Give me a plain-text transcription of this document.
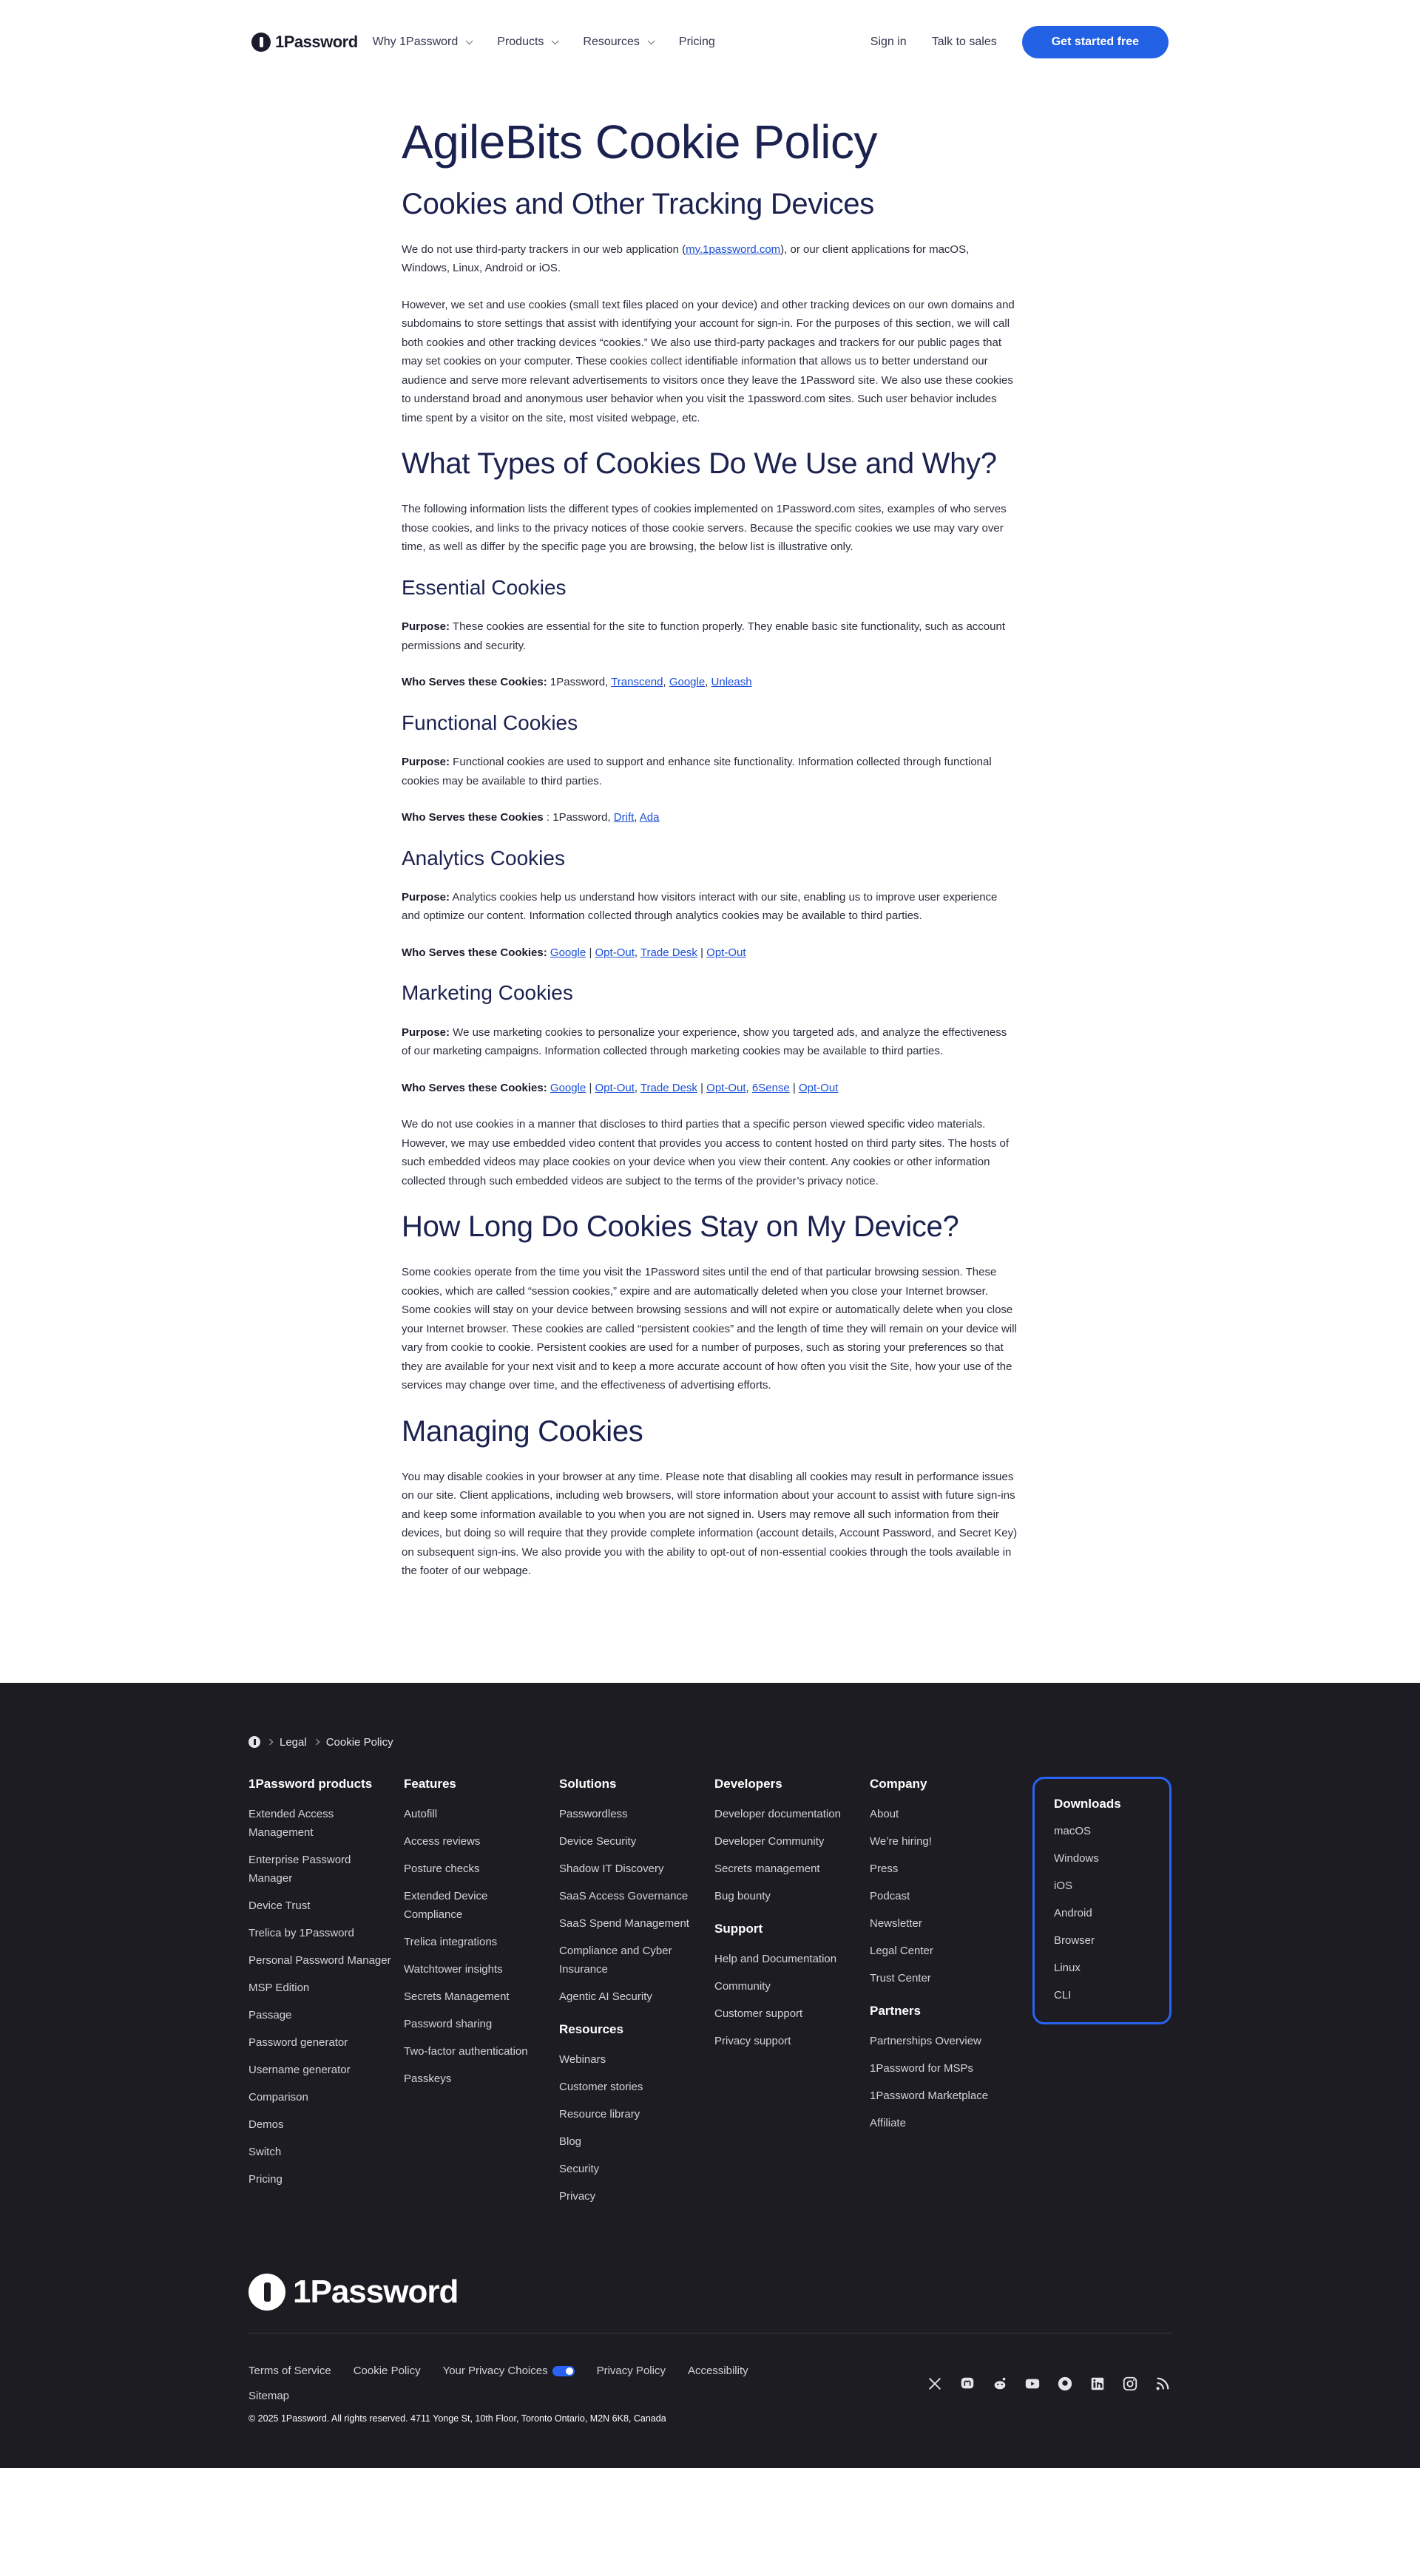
1Password Why 1Password	Products	Resources	Pricing	Sign in Talk to sales	Get started free
AgileBits Cookie Policy
Cookies and Other Tracking Devices

We do not use third-party trackers in our web application (my.1password.com), or our client applications for macOS, Windows, Linux, Android or iOS.

However, we set and use cookies (small text files placed on your device) and other tracking devices on our own domains and subdomains to store settings that assist with identifying your account for sign-in. For the purposes of this section, we will call both cookies and other tracking devices “cookies.” We also use third-party packages and trackers for our public pages that may set cookies on your computer. These cookies collect identifiable information that allows us to better understand our audience and serve more relevant advertisements to visitors once they leave the 1Password site. We also use these cookies to understand broad and anonymous user behavior when you visit the 1password.com sites. Such user behavior includes time spent by a visitor on the site, most visited webpage, etc.

What Types of Cookies Do We Use and Why?

The following information lists the different types of cookies implemented on 1Password.com sites, examples of who serves those cookies, and links to the privacy notices of those cookie servers. Because the specific cookies we use may vary over time, as well as differ by the specific page you are browsing, the below list is illustrative only.

Essential Cookies

Purpose: These cookies are essential for the site to function properly. They enable basic site functionality, such as account permissions and security.

Who Serves these Cookies: 1Password, Transcend, Google, Unleash

Functional Cookies

Purpose: Functional cookies are used to support and enhance site functionality. Information collected through functional cookies may be available to third parties.

Who Serves these Cookies : 1Password, Drift, Ada

Analytics Cookies

Purpose: Analytics cookies help us understand how visitors interact with our site, enabling us to improve user experience and optimize our content. Information collected through analytics cookies may be available to third parties.

Who Serves these Cookies: Google | Opt-Out, Trade Desk | Opt-Out

Marketing Cookies

Purpose: We use marketing cookies to personalize your experience, show you targeted ads, and analyze the effectiveness of our marketing campaigns. Information collected through marketing cookies may be available to third parties.

Who Serves these Cookies: Google | Opt-Out, Trade Desk | Opt-Out, 6Sense | Opt-Out

We do not use cookies in a manner that discloses to third parties that a specific person viewed specific video materials. However, we may use embedded video content that provides you access to content hosted on third party sites. The hosts of such embedded videos may place cookies on your device when you view their content. Any cookies or other information collected through such embedded videos are subject to the terms of the provider’s privacy notice.

How Long Do Cookies Stay on My Device?

Some cookies operate from the time you visit the 1Password sites until the end of that particular browsing session. These cookies, which are called “session cookies,” expire and are automatically deleted when you close your Internet browser. Some cookies will stay on your device between browsing sessions and will not expire or automatically delete when you close your Internet browser. These cookies are called “persistent cookies” and the length of time they will remain on your device will vary from cookie to cookie. Persistent cookies are used for a number of purposes, such as storing your preferences so that they are available for your next visit and to keep a more accurate account of how often you visit the Site, how your use of the services may change over time, and the effectiveness of advertising efforts.

Managing Cookies

You may disable cookies in your browser at any time. Please note that disabling all cookies may result in performance issues on our site. Client applications, including web browsers, will store information about your account to assist with future sign-ins and keep some information available to you when you are not signed in. Users may remove all such information from their devices, but doing so will require that they provide complete information (account details, Account Password, and Secret Key) on subsequent sign-ins. We also provide you with the ability to opt-out of non-essential cookies through the tools available in the footer of our webpage.

Legal Cookie Policy
1Password products
Extended Access Management
Enterprise Password Manager
Device Trust
Trelica by 1Password
Personal Password Manager
MSP Edition
Passage
Password generator
Username generator
Comparison
Demos
Switch
Pricing
Features
Autofill
Access reviews
Posture checks
Extended Device Compliance
Trelica integrations
Watchtower insights
Secrets Management
Password sharing
Two-factor authentication
Passkeys
Solutions
Passwordless
Device Security
Shadow IT Discovery
SaaS Access Governance
SaaS Spend Management
Compliance and Cyber Insurance
Agentic AI Security
Resources
Webinars
Customer stories
Resource library
Blog
Security
Privacy
Developers
Developer documentation
Developer Community
Secrets management
Bug bounty
Support
Help and Documentation
Community
Customer support
Privacy support
Company
About
We’re hiring!
Press
Podcast
Newsletter
Legal Center
Trust Center
Partners
Partnerships Overview
1Password for MSPs
1Password Marketplace
Affiliate
Downloads
macOS
Windows
iOS
Android
Browser
Linux
CLI
1Password
Terms of Service Cookie Policy Your Privacy Choices	Privacy Policy Accessibility
Sitemap
© 2025 1Password. All rights reserved. 4711 Yonge St, 10th Floor, Toronto Ontario, M2N 6K8, Canada
